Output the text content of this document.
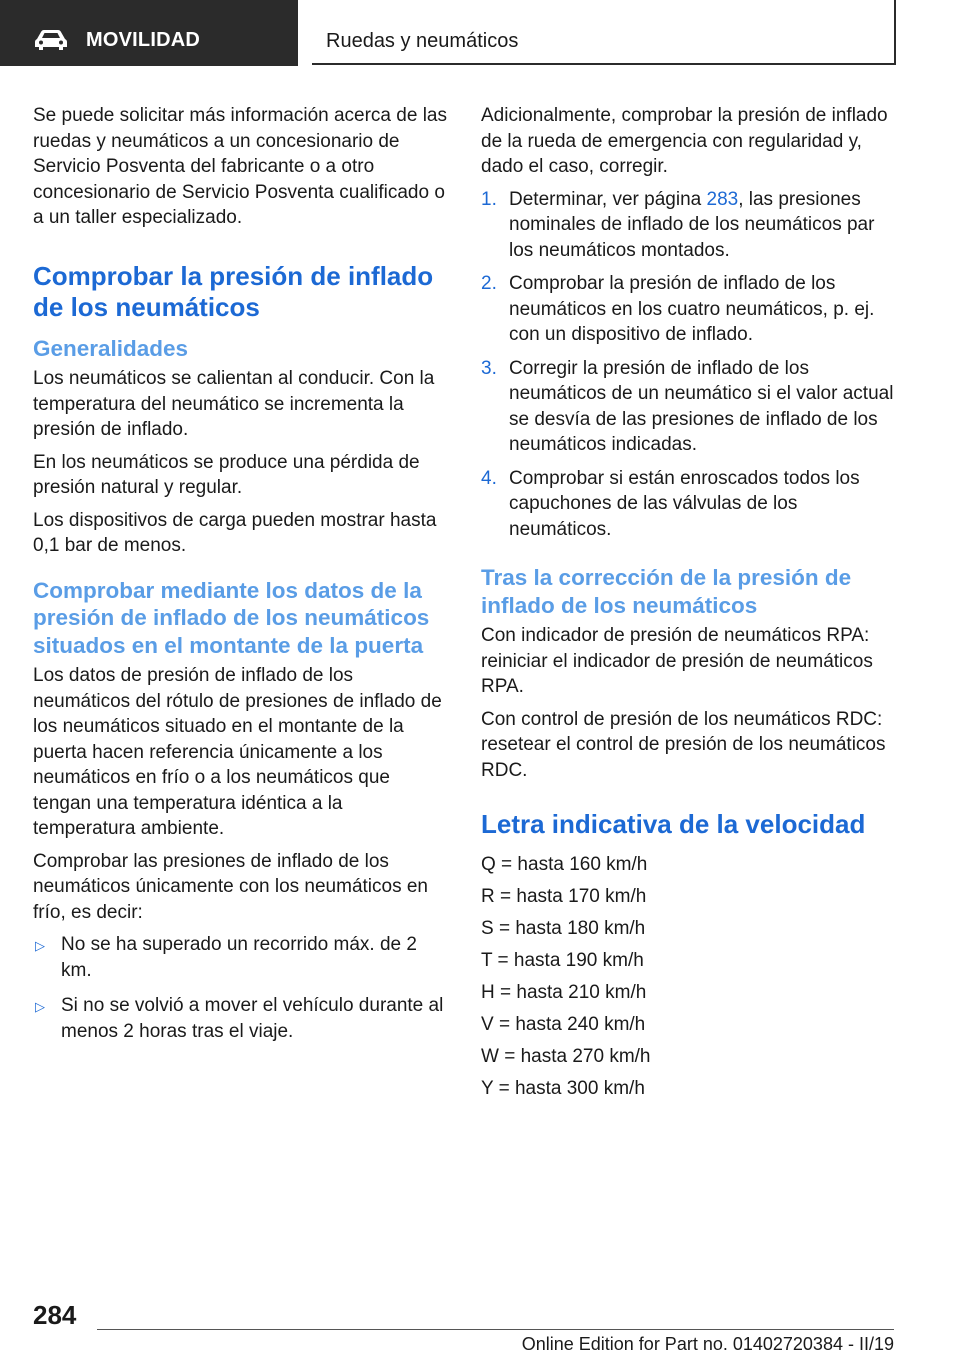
MOVILIDAD	Ruedas y neumáticos

Se puede solicitar más información acerca de las ruedas y neumáticos a un concesionario de Servicio Posventa del fabricante o a otro concesionario de Servicio Posventa cualificado o a un taller especializado.

Comprobar la presión de inflado de los neumáticos
Generalidades

Los neumáticos se calientan al conducir. Con la temperatura del neumático se incrementa la presión de inflado.

En los neumáticos se produce una pérdida de presión natural y regular.

Los dispositivos de carga pueden mostrar hasta 0,1 bar de menos.

Comprobar mediante los datos de la presión de inflado de los neumáticos situados en el montante de la puerta

Los datos de presión de inflado de los neumáticos del rótulo de presiones de inflado de los neumáticos situado en el montante de la puerta hacen referencia únicamente a los neumáticos en frío o a los neumáticos que tengan una temperatura idéntica a la temperatura ambiente.

Comprobar las presiones de inflado de los neumáticos únicamente con los neumáticos en frío, es decir:

▷ No se ha superado un recorrido máx. de 2 km.
▷ Si no se volvió a mover el vehículo durante al menos 2 horas tras el viaje.

Adicionalmente, comprobar la presión de inflado de la rueda de emergencia con regularidad y, dado el caso, corregir.

1. Determinar, ver página 283, las presiones nominales de inflado de los neumáticos par los neumáticos montados.
2. Comprobar la presión de inflado de los neumáticos en los cuatro neumáticos, p. ej. con un dispositivo de inflado.
3. Corregir la presión de inflado de los neumáticos de un neumático si el valor actual se desvía de las presiones de inflado de los neumáticos indicadas.
4. Comprobar si están enroscados todos los capuchones de las válvulas de los neumáticos.
Tras la corrección de la presión de inflado de los neumáticos

Con indicador de presión de neumáticos RPA: reiniciar el indicador de presión de neumáticos RPA.

Con control de presión de los neumáticos RDC: resetear el control de presión de los neumáticos RDC.

Letra indicativa de la velocidad

Q = hasta 160 km/h

R = hasta 170 km/h

S = hasta 180 km/h

T = hasta 190 km/h

H = hasta 210 km/h

V = hasta 240 km/h

W = hasta 270 km/h

Y = hasta 300 km/h

284
Online Edition for Part no. 01402720384 - II/19
